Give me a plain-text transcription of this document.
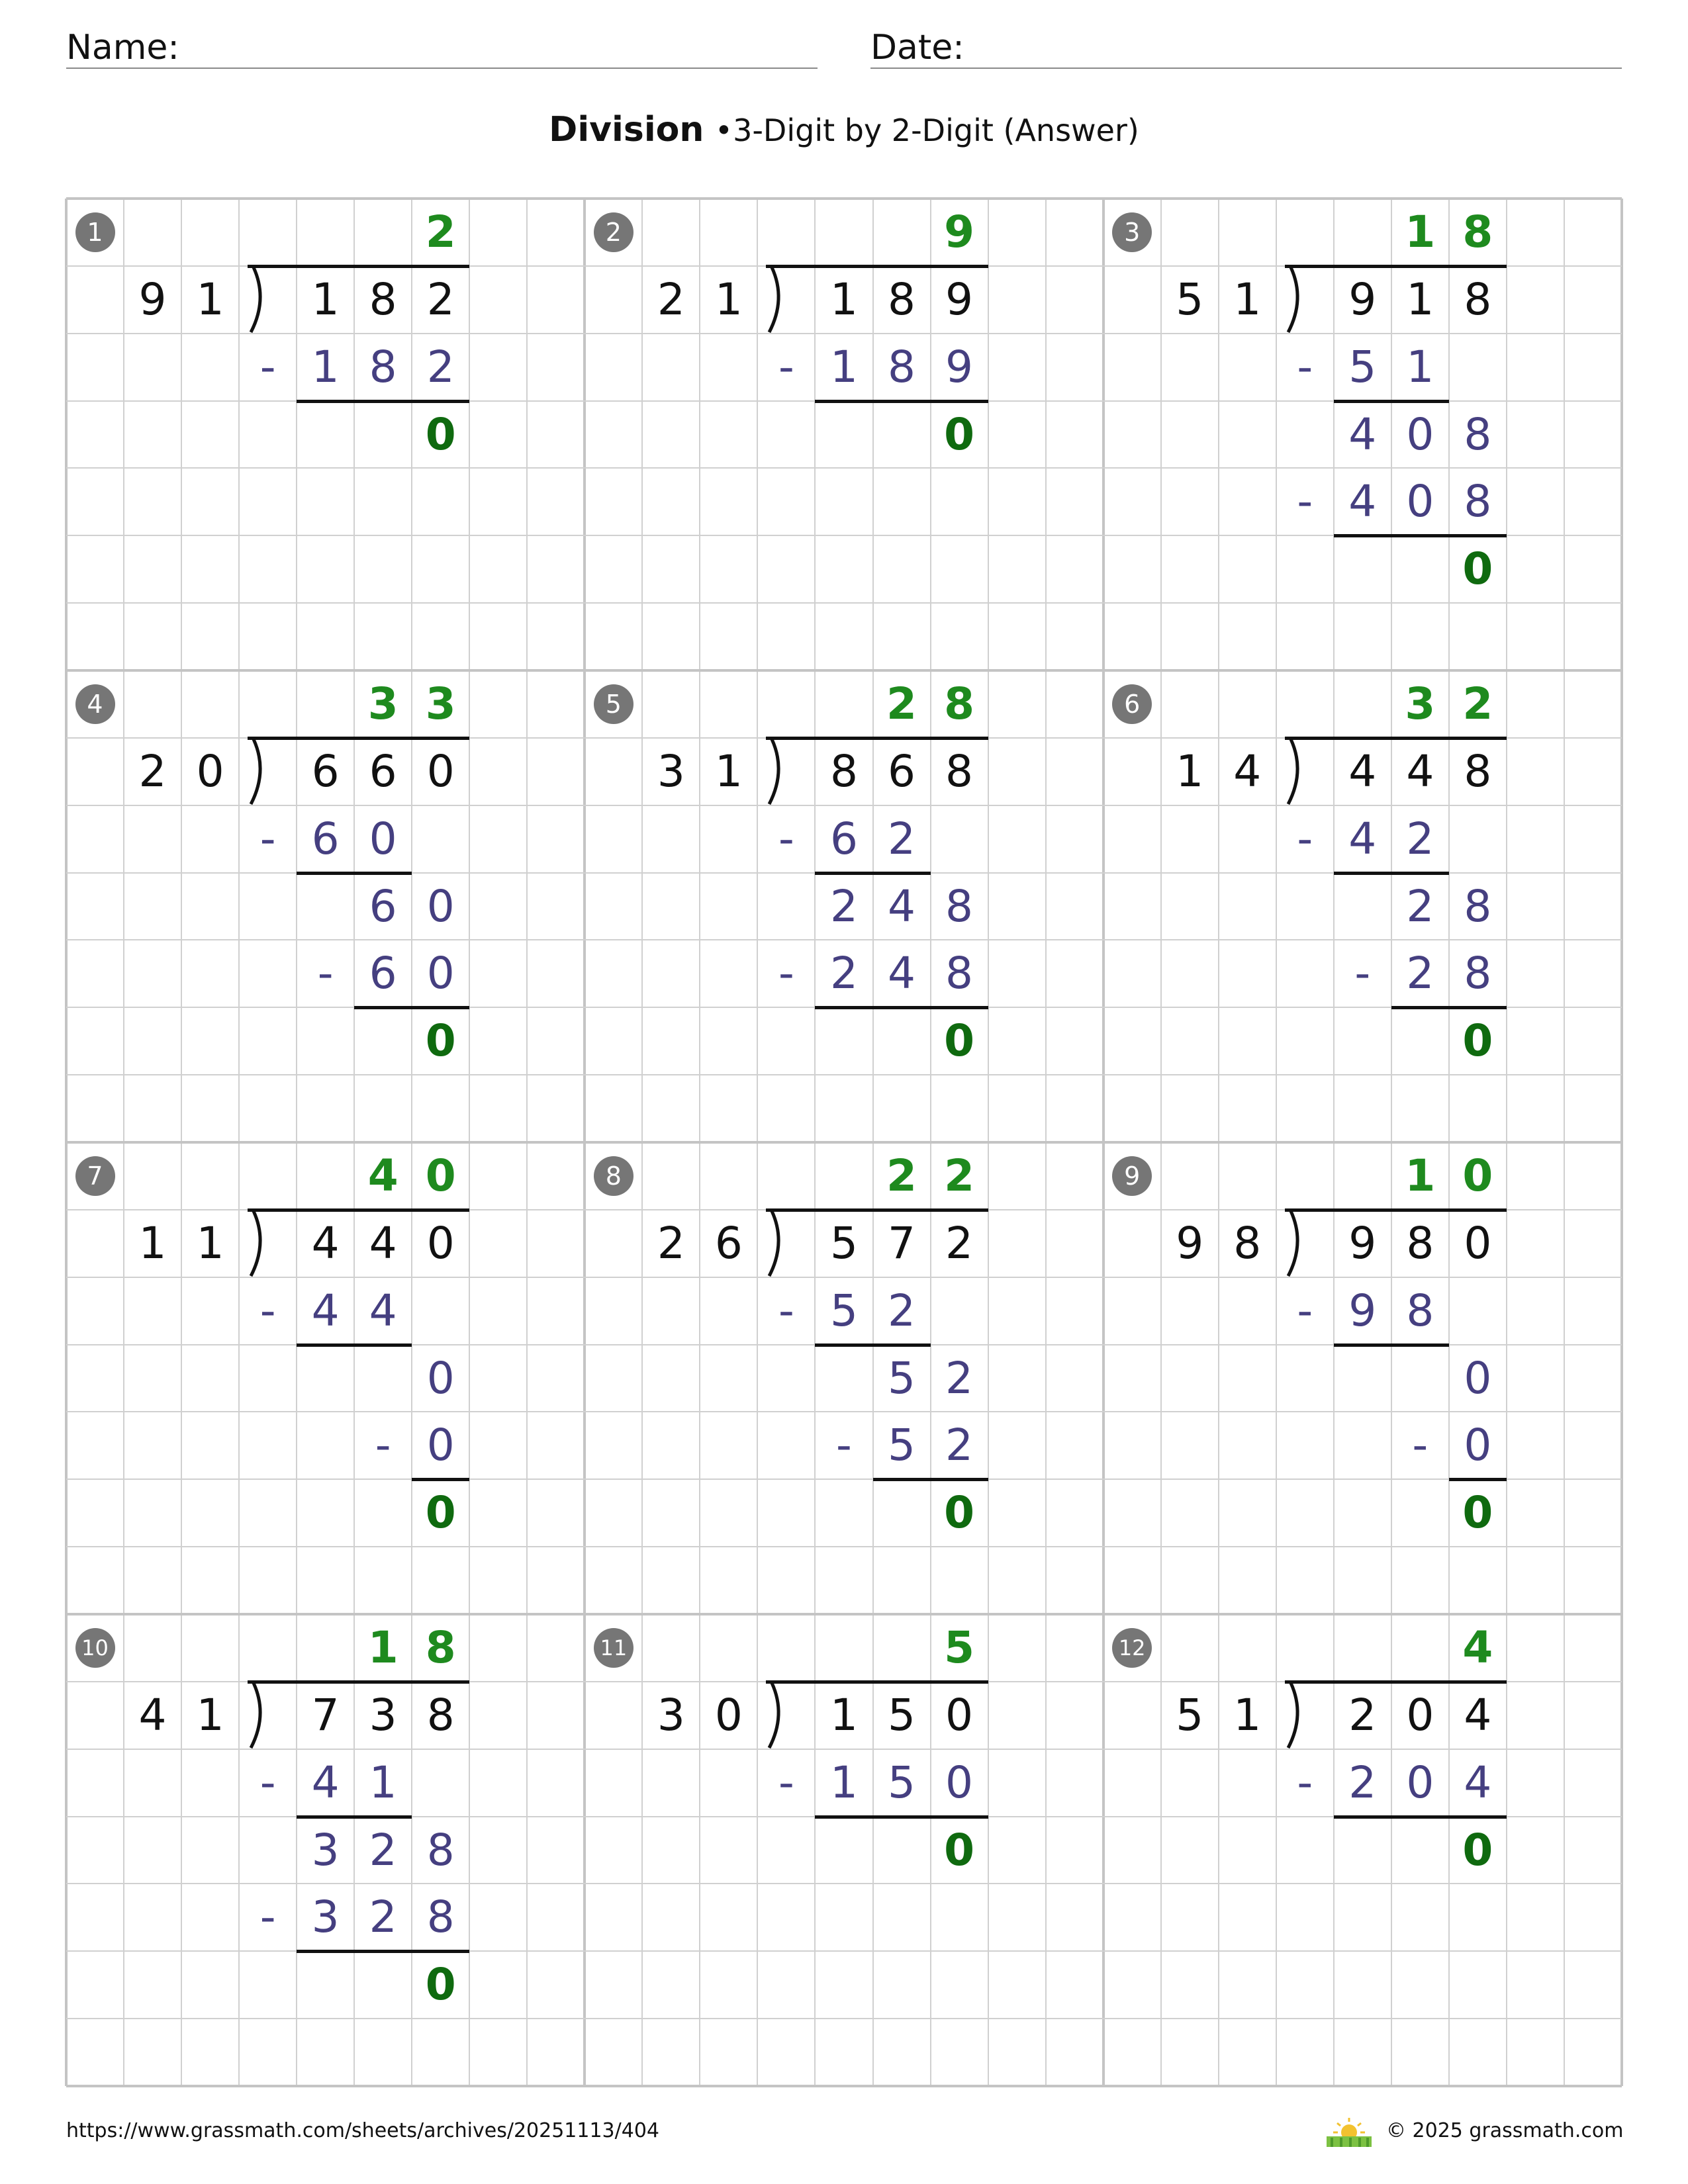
Name:	Date:
Division •3-Digit by 2-Digit (Answer)
1
9 1	1 8 2
2
1 8 2
-
0
2
2 1	1 8 9
9
1 8 9
-
0
3
5 1	9 1 8
1 8
5 1
-
4 0 8
4 0 8
-
0
4
2 0	6 6 0
3 3
6 0
-
6 0
6 0
-
0
5
3 1	8 6 8
2 8
6 2
-
2 4 8
2 4 8
-
0
6
1 4	4 4 8
3 2
4 2
-
2 8
2 8
-
0
7
1 1	4 4 0
4 0
4 4
-
0
0
-
0
8
2 6	5 7 2
2 2
5 2
-
5 2
5 2
-
0
9
9 8	9 8 0
1 0
9 8
-
0
0
-
0
10
4 1	7 3 8
1 8
4 1
-
3 2 8
3 2 8
-
0
11
3 0	1 5 0
5
1 5 0
-
0
12
5 1	2 0 4
4
2 0 4
-
0
https://www.grassmath.com/sheets/archives/20251113/404	© 2025 grassmath.com
